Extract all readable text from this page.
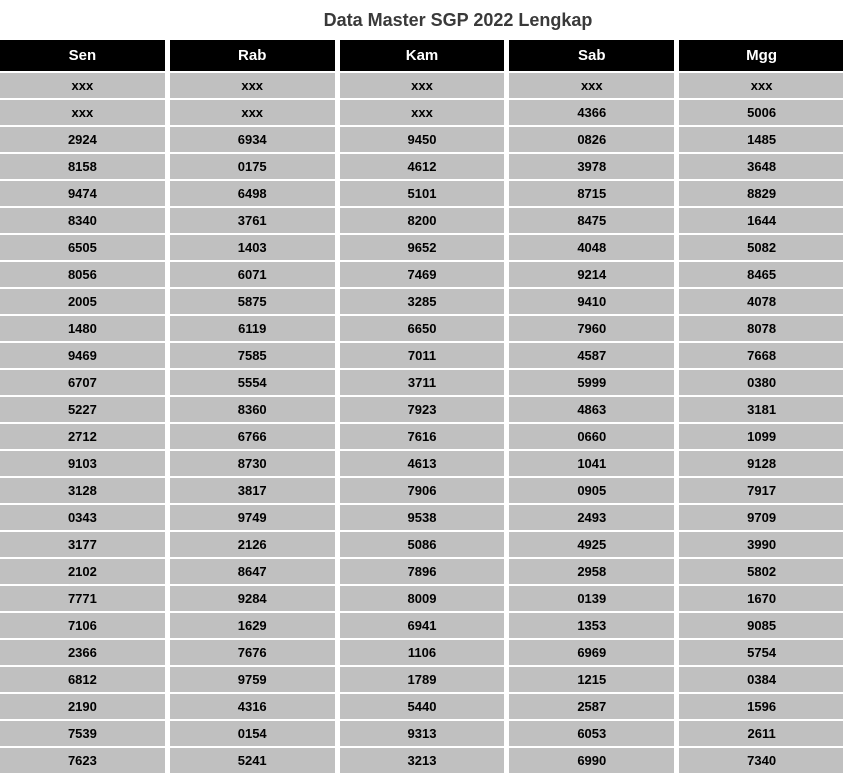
Data Master SGP 2022 Lengkap
Sen	Rab	Kam	Sab	Mgg
xxx	xxx	xxx	xxx	xxx
xxx	xxx	xxx	4366	5006
2924	6934	9450	0826	1485
8158	0175	4612	3978	3648
9474	6498	5101	8715	8829
8340	3761	8200	8475	1644
6505	1403	9652	4048	5082
8056	6071	7469	9214	8465
2005	5875	3285	9410	4078
1480	6119	6650	7960	8078
9469	7585	7011	4587	7668
6707	5554	3711	5999	0380
5227	8360	7923	4863	3181
2712	6766	7616	0660	1099
9103	8730	4613	1041	9128
3128	3817	7906	0905	7917
0343	9749	9538	2493	9709
3177	2126	5086	4925	3990
2102	8647	7896	2958	5802
7771	9284	8009	0139	1670
7106	1629	6941	1353	9085
2366	7676	1106	6969	5754
6812	9759	1789	1215	0384
2190	4316	5440	2587	1596
7539	0154	9313	6053	2611
7623	5241	3213	6990	7340
